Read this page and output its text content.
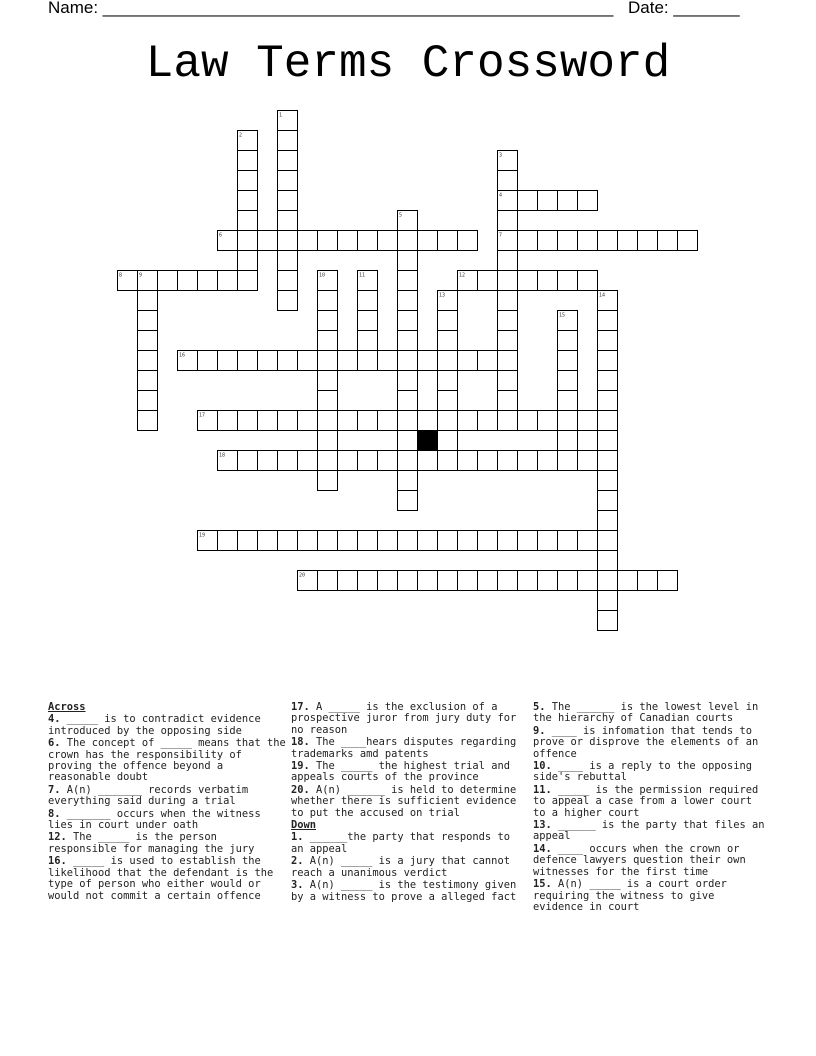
Name: ______________________________________________________ Date: _______
Law Terms Crossword
1
2
3
4
5
6	7
8	9	10	11	12
13	14
15
16
17
18
19
20
Across
4. _____ is to contradict evidence introduced by the opposing side
6. The concept of _____ means that the crown has the responsibility of proving the offence beyond a reasonable doubt
7. A(n) _______ records verbatim everything said during a trial
8. _______ occurs when the witness lies in court under oath
12. The _____ is the person responsible for managing the jury
16. _____ is used to establish the likelihood that the defendant is the type of person who either would or would not commit a certain offence
17. A _____ is the exclusion of a prospective juror from jury duty for no reason
18. The ____hears disputes regarding trademarks amd patents
19. The _____ the highest trial and appeals courts of the province
20. A(n) ______ is held to determine whether there is sufficient evidence to put the accused on trial
Down
1. ______the party that responds to an appeal
2. A(n) _____ is a jury that cannot reach a unanimous verdict
3. A(n) _____ is the testimony given by a witness to prove a alleged fact
5. The ______ is the lowest level in the hierarchy of Canadian courts
9. ____ is infomation that tends to prove or disprove the elements of an offence
10. ____ is a reply to the opposing side's rebuttal
11. _____ is the permission required to appeal a case from a lower court to a higher court
13. ______ is the party that files an appeal
14. ____ occurs when the crown or defence lawyers question their own witnesses for the first time
15. A(n) _____ is a court order requiring the witness to give evidence in court
